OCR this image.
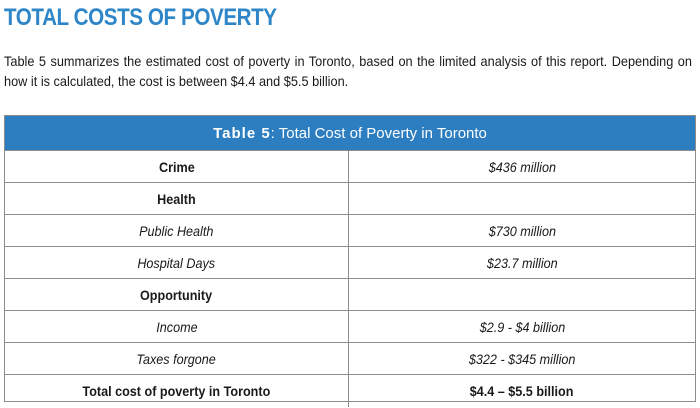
TOTAL COSTS OF POVERTY

Table 5 summarizes the estimated cost of poverty in Toronto, based on the limited analysis of this report. Depending on how it is calculated, the cost is between $4.4 and $5.5 billion.

Table 5 : Total Cost of Poverty in Toronto
Crime	$436 million
Health	
Public Health	$730 million
Hospital Days	$23.7 million
Opportunity	
Income	$2.9 - $4 billion
Taxes forgone	$322 - $345 million
Total cost of poverty in Toronto	$4.4 – $5.5 billion
